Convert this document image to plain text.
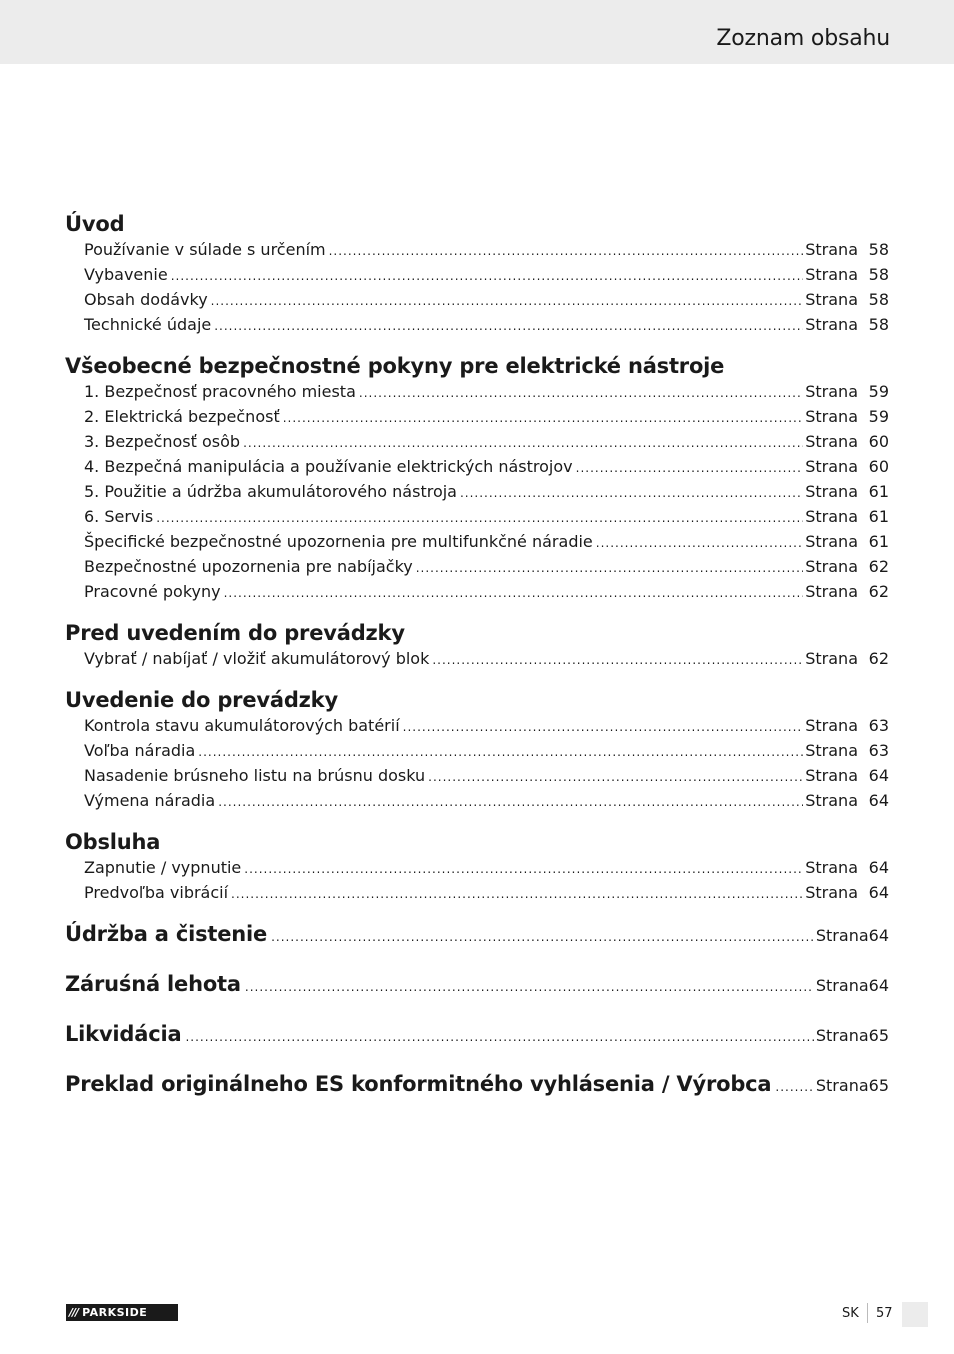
Zoznam obsahu
Úvod
Používanie v súlade s určením .....	Strana 58
Vybavenie .....	Strana 58
Obsah dodávky .....	Strana 58
Technické údaje .....	Strana 58
Všeobecné bezpečnostné pokyny pre elektrické nástroje
1. Bezpečnosť pracovného miesta .....	Strana 59
2. Elektrická bezpečnosť .....	Strana 59
3. Bezpečnosť osôb .....	Strana 60
4. Bezpečná manipulácia a používanie elektrických nástrojov .....	Strana 60
5. Použitie a údržba akumulátorového nástroja .....	Strana 61
6. Servis .....	Strana 61
Špecifické bezpečnostné upozornenia pre multifunkčné náradie .....	Strana 61
Bezpečnostné upozornenia pre nabíjačky .....	Strana 62
Pracovné pokyny .....	Strana 62
Pred uvedením do prevádzky
Vybrať / nabíjať / vložiť akumulátorový blok .....	Strana 62
Uvedenie do prevádzky
Kontrola stavu akumulátorových batérií .....	Strana 63
Voľba náradia .....	Strana 63
Nasadenie brúsneho listu na brúsnu dosku .....	Strana 64
Výmena náradia .....	Strana 64
Obsluha
Zapnutie / vypnutie .....	Strana 64
Predvoľba vibrácií .....	Strana 64
Údržba a čistenie .....	Strana 64
Záruśná lehota .....	Strana 64
Likvidácia .....	Strana 65
Preklad originálneho ES konformitného vyhlásenia / Výrobca .....	Strana 65
/// PARKSIDE	SK 57
